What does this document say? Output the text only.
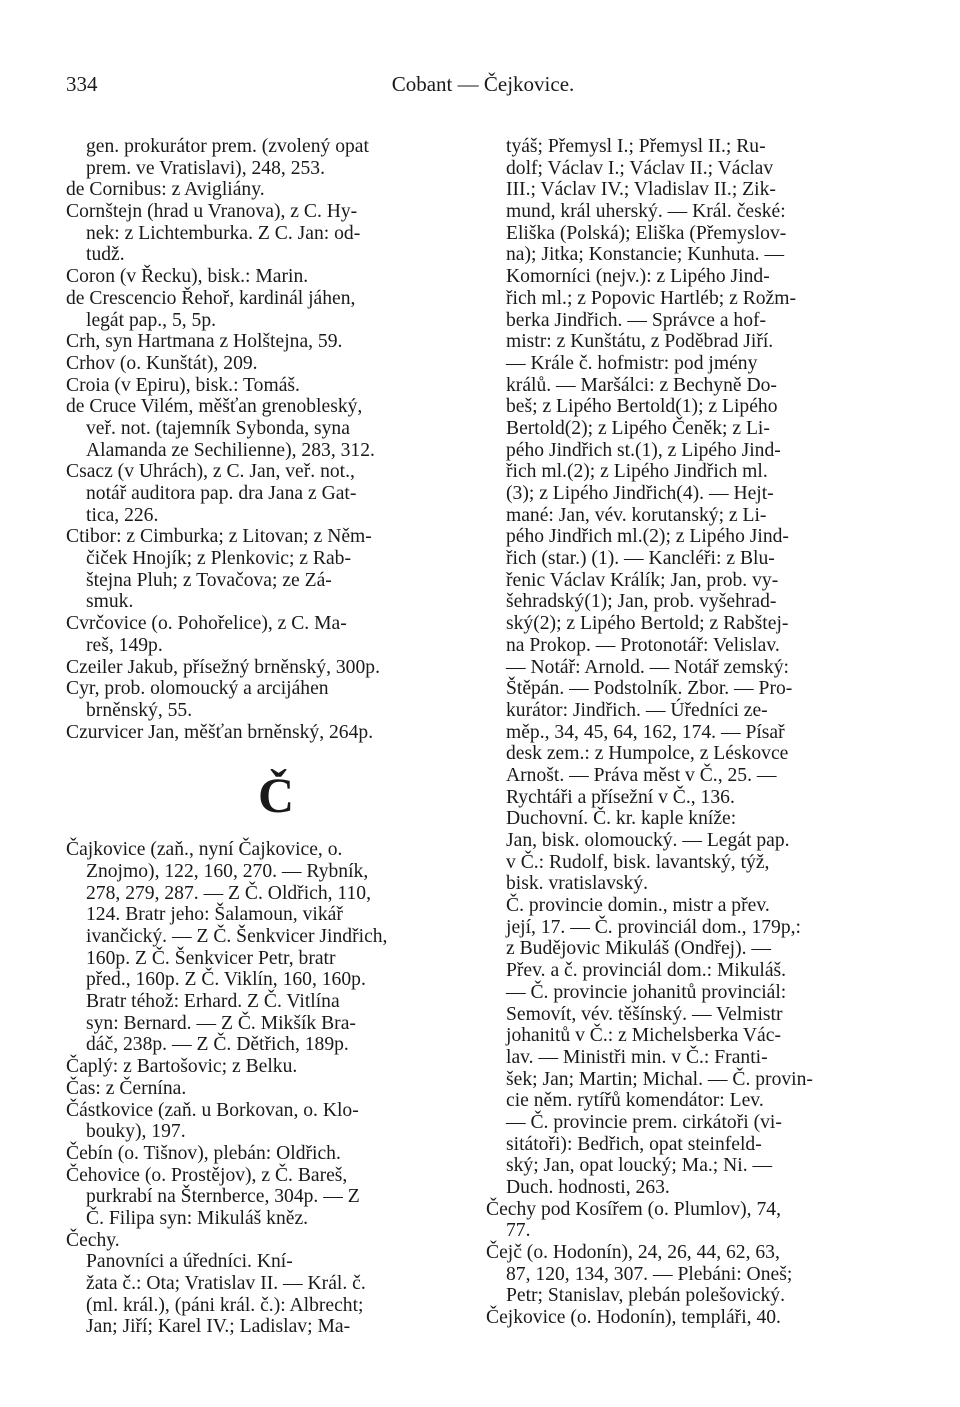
334	Cobant — Čejkovice.
gen. prokurátor prem. (zvolený opat
prem. ve Vratislavi), 248, 253.
de Cornibus: z Avigliány.
Cornštejn (hrad u Vranova), z C. Hy-
nek: z Lichtemburka. Z C. Jan: od-
tudž.
Coron (v Řecku), bisk.: Marin.
de Crescencio Řehoř, kardinál jáhen,
legát pap., 5, 5p.
Crh, syn Hartmana z Holštejna, 59.
Crhov (o. Kunštát), 209.
Croia (v Epiru), bisk.: Tomáš.
de Cruce Vilém, měšťan grenobleský,
veř. not. (tajemník Sybonda, syna
Alamanda ze Sechilienne), 283, 312.
Csacz (v Uhrách), z C. Jan, veř. not.,
notář auditora pap. dra Jana z Gat-
tica, 226.
Ctibor: z Cimburka; z Litovan; z Něm-
čiček Hnojík; z Plenkovic; z Rab-
štejna Pluh; z Tovačova; ze Zá-
smuk.
Cvrčovice (o. Pohořelice), z C. Ma-
reš, 149p.
Czeiler Jakub, přísežný brněnský, 300p.
Cyr, prob. olomoucký a arcijáhen
brněnský, 55.
Czurvicer Jan, měšťan brněnský, 264p.
Č
Čajkovice (zaň., nyní Čajkovice, o.
Znojmo), 122, 160, 270. — Rybník,
278, 279, 287. — Z Č. Oldřich, 110,
124. Bratr jeho: Šalamoun, vikář
ivančický. — Z Č. Šenkvicer Jindřich,
160p. Z Č. Šenkvicer Petr, bratr
před., 160p. Z Č. Viklín, 160, 160p.
Bratr téhož: Erhard. Z Č. Vitlína
syn: Bernard. — Z Č. Mikšík Bra-
dáč, 238p. — Z Č. Dětřich, 189p.
Čaplý: z Bartošovic; z Belku.
Čas: z Černína.
Částkovice (zaň. u Borkovan, o. Klo-
bouky), 197.
Čebín (o. Tišnov), plebán: Oldřich.
Čehovice (o. Prostějov), z Č. Bareš,
purkrabí na Šternberce, 304p. — Z
Č. Filipa syn: Mikuláš kněz.
Čechy.
Panovníci a úředníci. Kní-
žata č.: Ota; Vratislav II. — Král. č.
(ml. král.), (páni král. č.): Albrecht;
Jan; Jiří; Karel IV.; Ladislav; Ma-
tyáš; Přemysl I.; Přemysl II.; Ru-
dolf; Václav I.; Václav II.; Václav
III.; Václav IV.; Vladislav II.; Zik-
mund, král uherský. — Král. české:
Eliška (Polská); Eliška (Přemyslov-
na); Jitka; Konstancie; Kunhuta. —
Komorníci (nejv.): z Lipého Jind-
řich ml.; z Popovic Hartléb; z Rožm-
berka Jindřich. — Správce a hof-
mistr: z Kunštátu, z Poděbrad Jiří.
— Krále č. hofmistr: pod jmény
králů. — Maršálci: z Bechyně Do-
beš; z Lipého Bertold(1); z Lipého
Bertold(2); z Lipého Čeněk; z Li-
pého Jindřich st.(1), z Lipého Jind-
řich ml.(2); z Lipého Jindřich ml.
(3); z Lipého Jindřich(4). — Hejt-
mané: Jan, vév. korutanský; z Li-
pého Jindřich ml.(2); z Lipého Jind-
řich (star.) (1). — Kancléři: z Blu-
řenic Václav Králík; Jan, prob. vy-
šehradský(1); Jan, prob. vyšehrad-
ský(2); z Lipého Bertold; z Rabštej-
na Prokop. — Protonotář: Velislav.
— Notář: Arnold. — Notář zemský:
Štěpán. — Podstolník. Zbor. — Pro-
kurátor: Jindřich. — Úředníci ze-
měp., 34, 45, 64, 162, 174. — Písař
desk zem.: z Humpolce, z Léskovce
Arnošt. — Práva měst v Č., 25. —
Rychtáři a přísežní v Č., 136.
Duchovní. Č. kr. kaple kníže:
Jan, bisk. olomoucký. — Legát pap.
v Č.: Rudolf, bisk. lavantský, týž,
bisk. vratislavský.
Č. provincie domin., mistr a přev.
její, 17. — Č. provinciál dom., 179p,:
z Budějovic Mikuláš (Ondřej). —
Přev. a č. provinciál dom.: Mikuláš.
— Č. provincie johanitů provinciál:
Semovít, vév. těšínský. — Velmistr
johanitů v Č.: z Michelsberka Vác-
lav. — Ministři min. v Č.: Franti-
šek; Jan; Martin; Michal. — Č. provin-
cie něm. rytířů komendátor: Lev.
— Č. provincie prem. cirkátoři (vi-
sitátoři): Bedřich, opat steinfeld-
ský; Jan, opat loucký; Ma.; Ni. —
Duch. hodnosti, 263.
Čechy pod Kosířem (o. Plumlov), 74,
77.
Čejč (o. Hodonín), 24, 26, 44, 62, 63,
87, 120, 134, 307. — Plebáni: Oneš;
Petr; Stanislav, plebán polešovický.
Čejkovice (o. Hodonín), templáři, 40.
